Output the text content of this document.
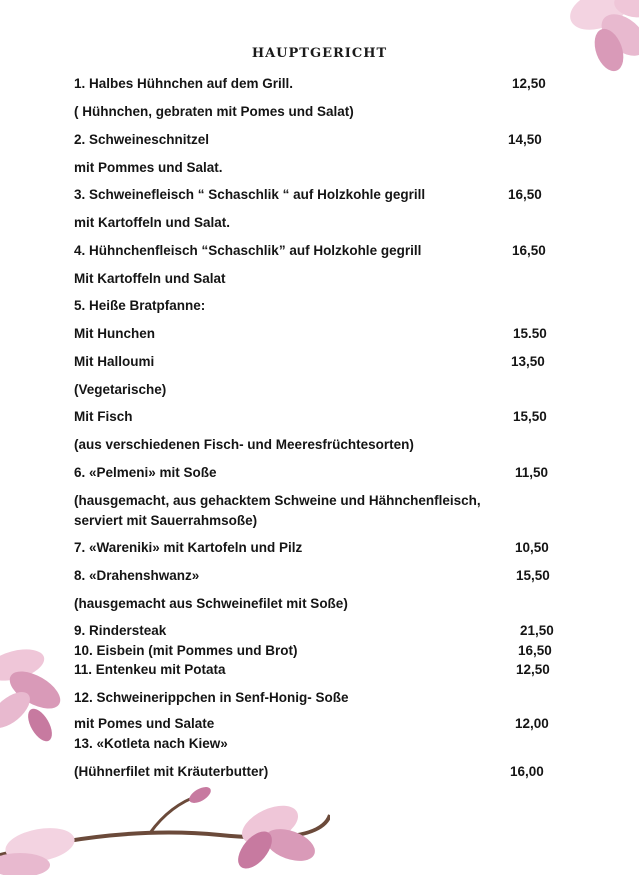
HAUPTGERICHT
1. Halbes Hühnchen auf dem Grill.	12,50
( Hühnchen, gebraten mit Pomes und Salat)
2. Schweineschnitzel	14,50
mit Pommes und Salat.
3. Schweinefleisch “ Schaschlik “ auf Holzkohle gegrill	16,50
mit Kartoffeln und Salat.
4. Hühnchenfleisch “Schaschlik” auf Holzkohle gegrill	16,50
Mit Kartoffeln und Salat
5. Heiße Bratpfanne:
Mit Hunchen	15.50
Mit Halloumi	13,50
(Vegetarische)
Mit Fisch	15,50
(aus verschiedenen Fisch- und Meeresfrüchtesorten)
6. «Pelmeni» mit Soße	11,50
(hausgemacht, aus gehacktem Schweine und Hähnchenfleisch,
serviert mit Sauerrahmsoße)
7. «Wareniki» mit Kartofeln und Pilz	10,50
8. «Drahenshwanz»	15,50
(hausgemacht aus Schweinefilet mit Soße)
9. Rindersteak	21,50
10. Eisbein (mit Pommes und Brot)	16,50
11. Entenkeu mit Potata	12,50
12. Schweinerippchen in Senf-Honig- Soße
mit Pomes und Salate	12,00
13. «Kotleta nach Kiew»
(Hühnerfilet mit Kräuterbutter)	16,00
